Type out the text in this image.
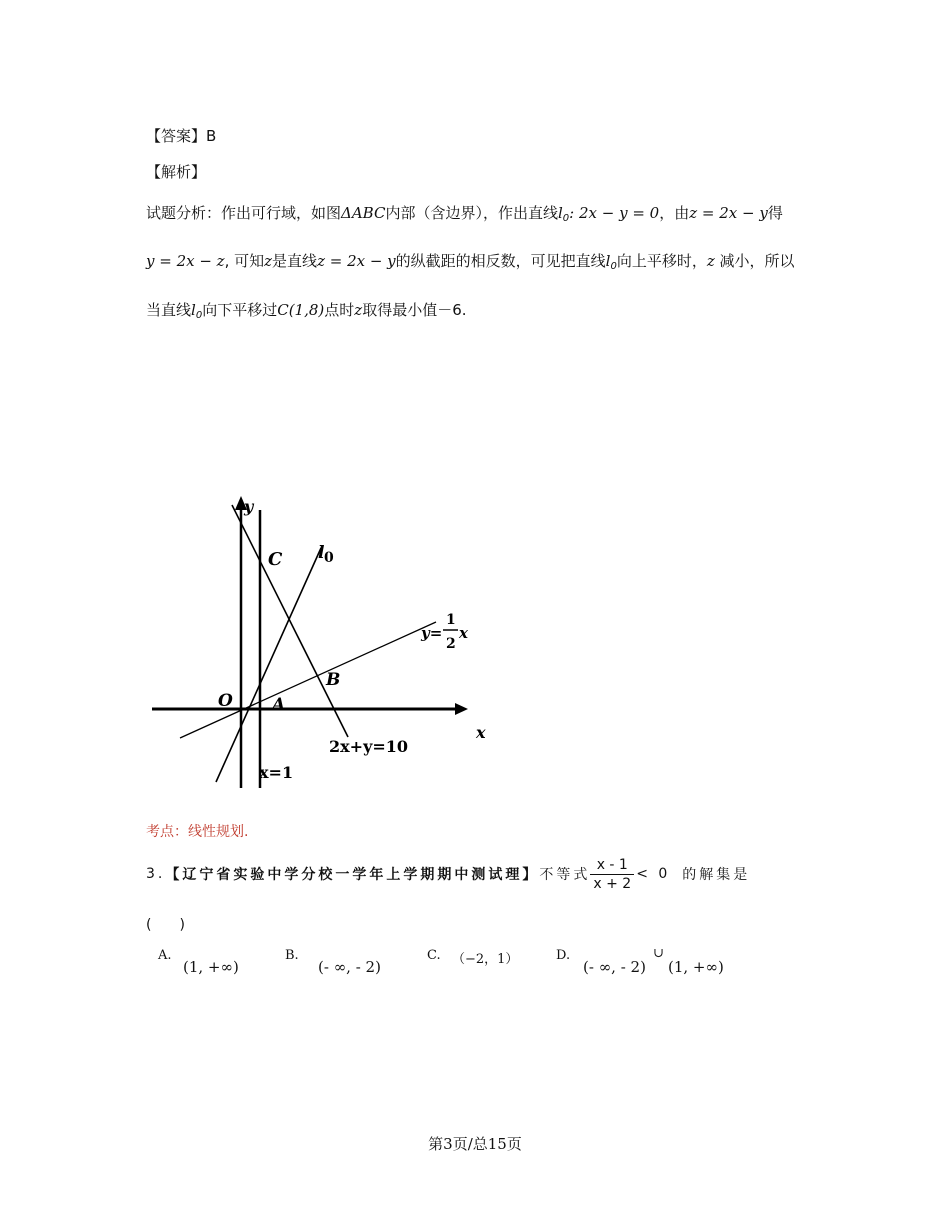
【答案】B
【解析】
试题分析：作出可行域，如图ΔABC内部（含边界），作出直线$l_0$: 2x − y = 0，由z = 2x − y得
y = 2x − z, 可知z是直线z = 2x − y的纵截距的相反数，可见把直线$l_0$向上平移时，z 减小，所以
当直线$l_0$向下平移过C(1,8)点时z取得最小值－6.
y
x
O A
B
C l 0
y=
1
2
x
2x+y=10
x=1
考点：线性规划.
3. 【辽宁省实验中学分校一学年上学期期中测试理】 不等式 $\frac{x - 1}{x + 2} < 0$ 的解集是
(　　)
A.
(1, +∞)
B.
(- ∞, - 2)
C. （−2，1）	D.
(- ∞, - 2)
∪
(1, +∞)
第3页/总15页
